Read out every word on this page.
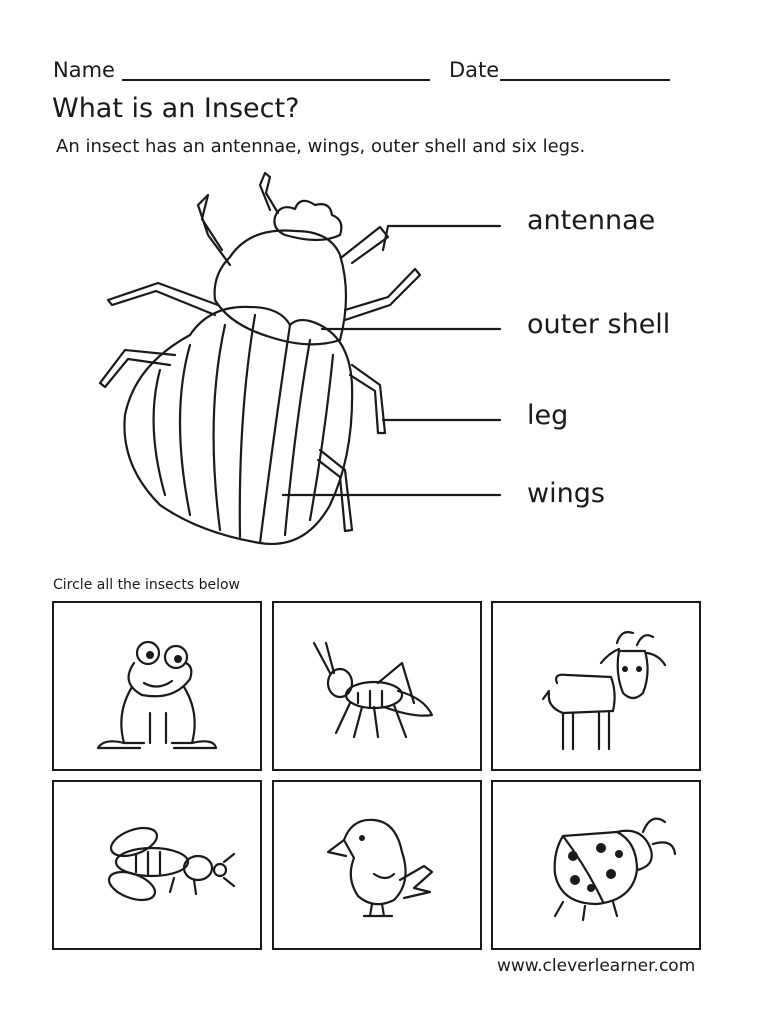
Name	Date
What is an Insect?
An insect has an antennae, wings, outer shell and six legs.
antennae
outer shell
leg
wings
Circle all the insects below
www.cleverlearner.com
